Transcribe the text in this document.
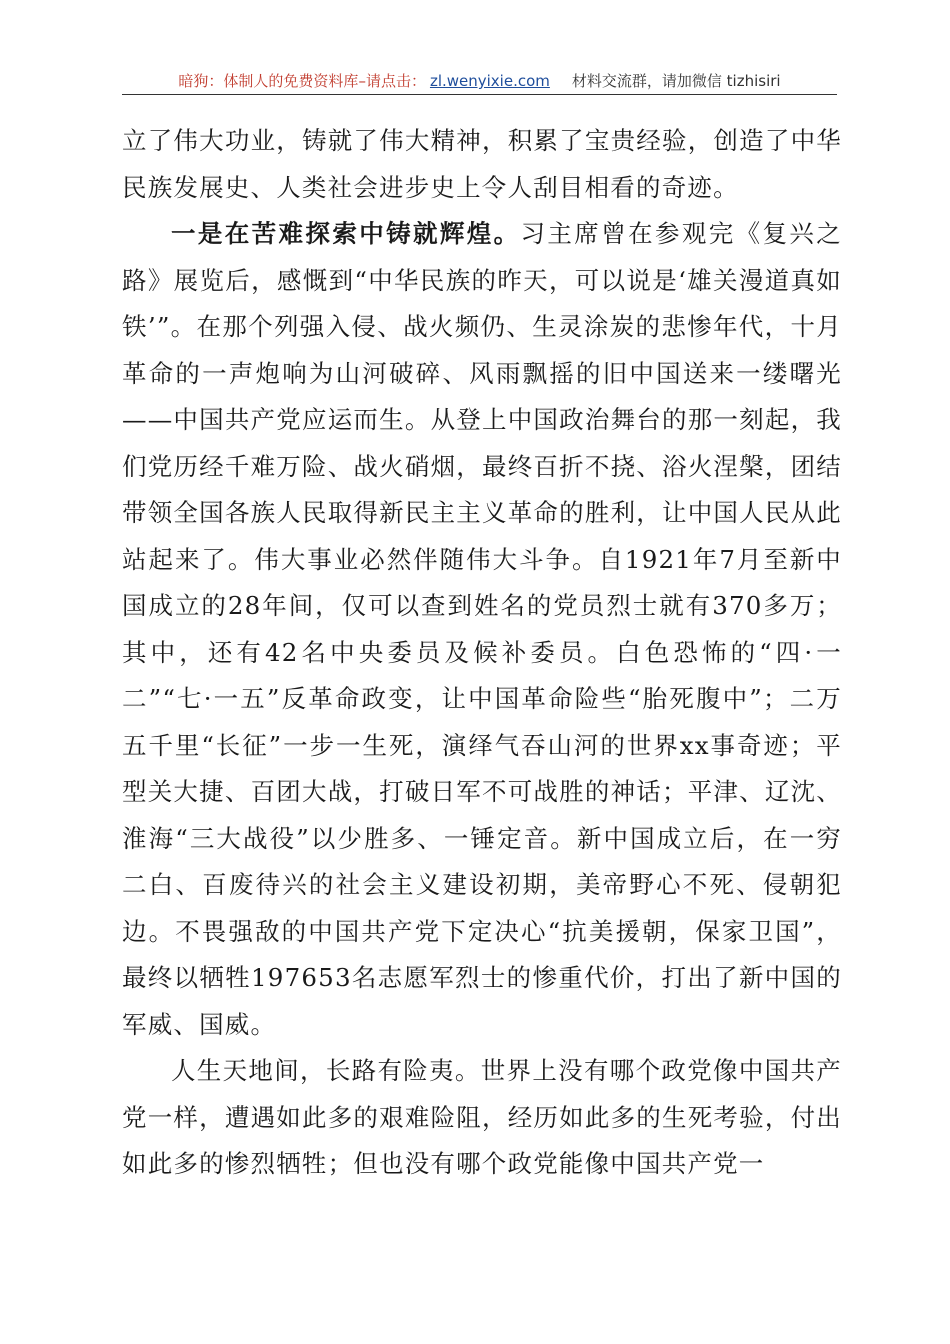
暗狗：体制人的免费资料库–请点击： zl.wenyixie.com 材料交流群，请加微信 tizhisiri

立了伟大功业，铸就了伟大精神，积累了宝贵经验，创造了中华民族发展史、人类社会进步史上令人刮目相看的奇迹。

一是在苦难探索中铸就辉煌。习主席曾在参观完《复兴之路》展览后，感慨到“中华民族的昨天，可以说是‘雄关漫道真如铁’”。在那个列强入侵、战火频仍、生灵涂炭的悲惨年代，十月革命的一声炮响为山河破碎、风雨飘摇的旧中国送来一缕曙光——中国共产党应运而生。从登上中国政治舞台的那一刻起，我们党历经千难万险、战火硝烟，最终百折不挠、浴火涅槃，团结带领全国各族人民取得新民主主义革命的胜利，让中国人民从此站起来了。伟大事业必然伴随伟大斗争。自1921年7月至新中国成立的28年间，仅可以查到姓名的党员烈士就有370多万；其中，还有42名中央委员及候补委员。白色恐怖的“四·一二”“七·一五”反革命政变，让中国革命险些“胎死腹中”；二万五千里“长征”一步一生死，演绎气吞山河的世界xx事奇迹；平型关大捷、百团大战，打破日军不可战胜的神话；平津、辽沈、淮海“三大战役”以少胜多、一锤定音。新中国成立后，在一穷二白、百废待兴的社会主义建设初期，美帝野心不死、侵朝犯边。不畏强敌的中国共产党下定决心“抗美援朝，保家卫国”，最终以牺牲197653名志愿军烈士的惨重代价，打出了新中国的军威、国威。

人生天地间，长路有险夷。世界上没有哪个政党像中国共产党一样，遭遇如此多的艰难险阻，经历如此多的生死考验，付出如此多的惨烈牺牲；但也没有哪个政党能像中国共产党一
